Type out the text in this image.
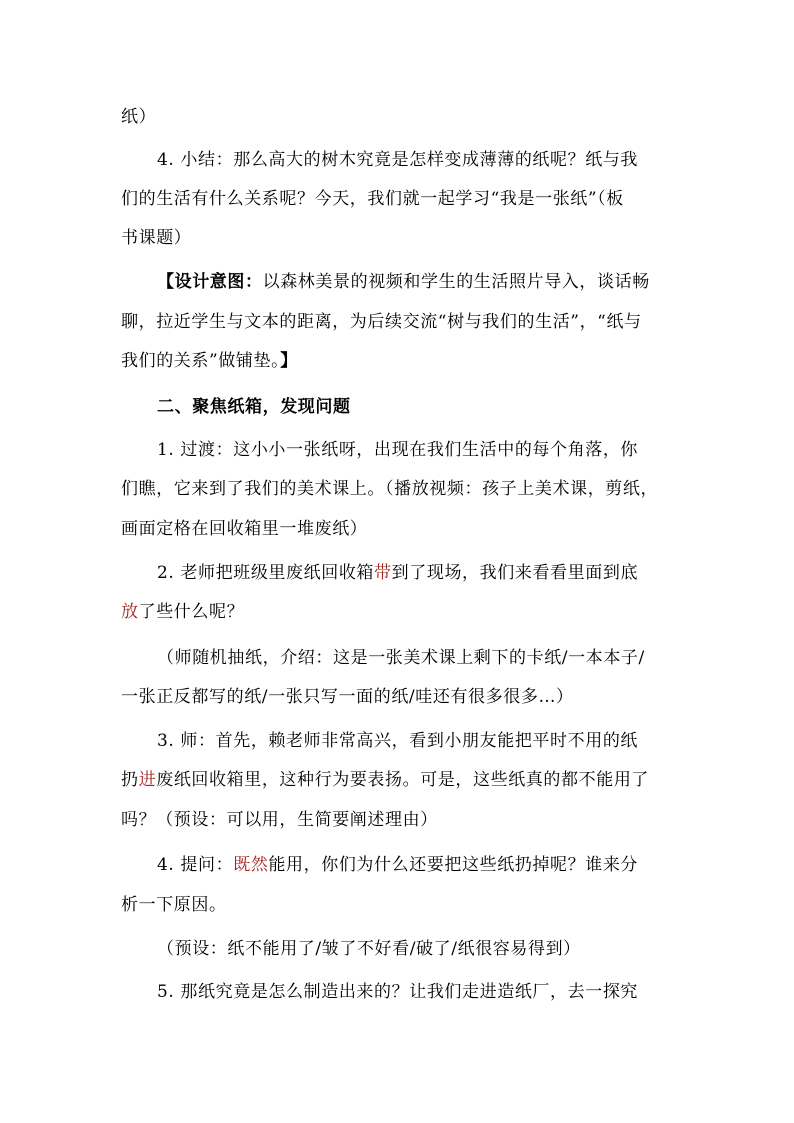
纸）
4. 小结：那么高大的树木究竟是怎样变成薄薄的纸呢？纸与我
们的生活有什么关系呢？今天，我们就一起学习“我是一张纸”（板
书课题）
【设计意图：以森林美景的视频和学生的生活照片导入，谈话畅
聊，拉近学生与文本的距离，为后续交流“树与我们的生活”，“纸与
我们的关系”做铺垫。】
二、聚焦纸箱，发现问题
1. 过渡：这小小一张纸呀，出现在我们生活中的每个角落，你
们瞧，它来到了我们的美术课上。（播放视频：孩子上美术课，剪纸，
画面定格在回收箱里一堆废纸）
2. 老师把班级里废纸回收箱带到了现场，我们来看看里面到底
放了些什么呢？
（师随机抽纸，介绍：这是一张美术课上剩下的卡纸/一本本子/
一张正反都写的纸/一张只写一面的纸/哇还有很多很多…）
3. 师：首先，赖老师非常高兴，看到小朋友能把平时不用的纸
扔进废纸回收箱里，这种行为要表扬。可是，这些纸真的都不能用了
吗？（预设：可以用，生简要阐述理由）
4. 提问：既然能用，你们为什么还要把这些纸扔掉呢？谁来分
析一下原因。
（预设：纸不能用了/皱了不好看/破了/纸很容易得到）
5. 那纸究竟是怎么制造出来的？让我们走进造纸厂，去一探究
